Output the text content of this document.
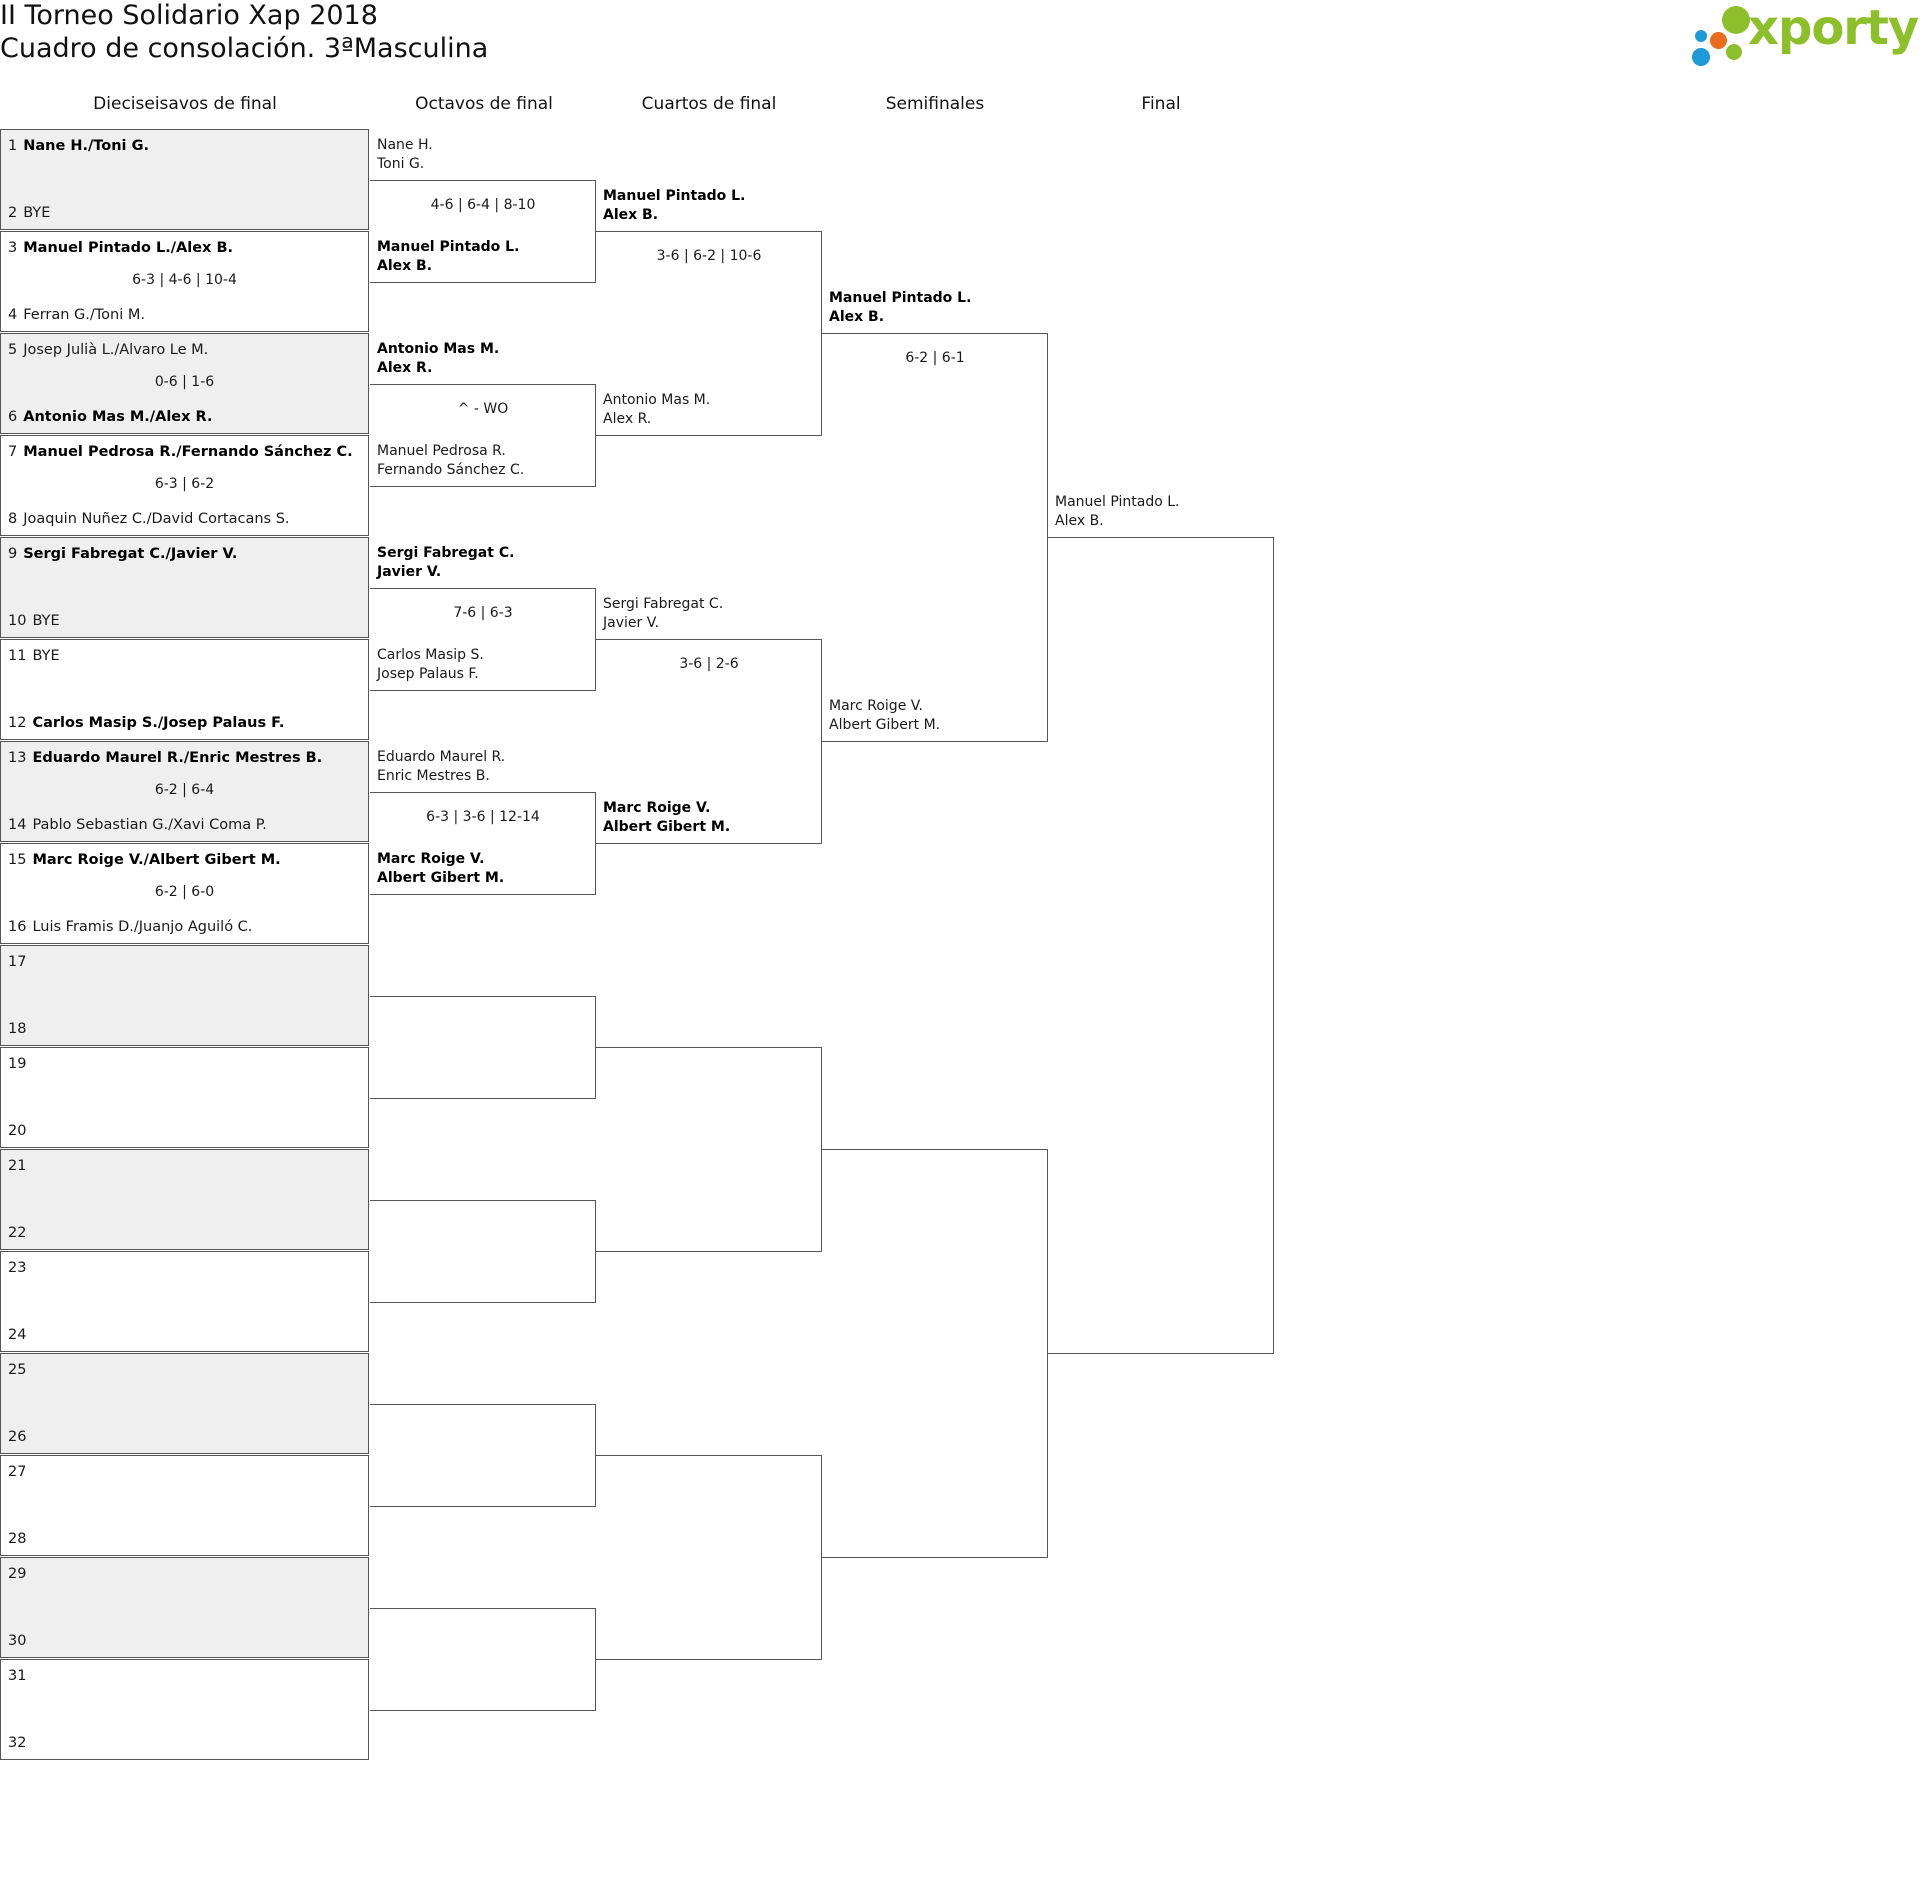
II Torneo Solidario Xap 2018
Cuadro de consolación. 3ªMasculina	xporty
Dieciseisavos de final	Octavos de final	Cuartos de final	Semifinales	Final
1 Nane H./Toni G.
2 BYE
3 Manuel Pintado L./Alex B.
4 Ferran G./Toni M.
6-3 | 4-6 | 10-4
5 Josep Julià L./Alvaro Le M.
6 Antonio Mas M./Alex R.
0-6 | 1-6
7 Manuel Pedrosa R./Fernando Sánchez C.
8 Joaquin Nuñez C./David Cortacans S.
6-3 | 6-2
9 Sergi Fabregat C./Javier V.
10 BYE
11 BYE
12 Carlos Masip S./Josep Palaus F.
13 Eduardo Maurel R./Enric Mestres B.
14 Pablo Sebastian G./Xavi Coma P.
6-2 | 6-4
15 Marc Roige V./Albert Gibert M.
16 Luis Framis D./Juanjo Aguiló C.
6-2 | 6-0
17
18
19
20
21
22
23
24
25
26
27
28
29
30
31
32
Nane H.
Toni G.
Manuel Pintado L.
Alex B.
4-6 | 6-4 | 8-10
Antonio Mas M.
Alex R.
Manuel Pedrosa R.
Fernando Sánchez C.
^ - WO
Sergi Fabregat C.
Javier V.
Carlos Masip S.
Josep Palaus F.
7-6 | 6-3
Eduardo Maurel R.
Enric Mestres B.
Marc Roige V.
Albert Gibert M.
6-3 | 3-6 | 12-14
Manuel Pintado L.
Alex B.
Antonio Mas M.
Alex R.
3-6 | 6-2 | 10-6
Sergi Fabregat C.
Javier V.
Marc Roige V.
Albert Gibert M.
3-6 | 2-6
Manuel Pintado L.
Alex B.
Marc Roige V.
Albert Gibert M.
6-2 | 6-1
Manuel Pintado L.
Alex B.
